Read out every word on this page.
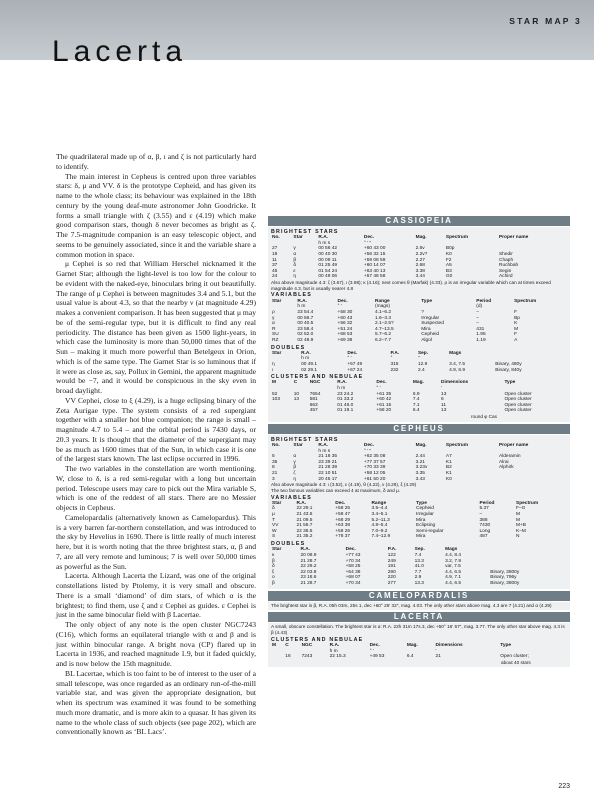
STAR MAP 3
Lacerta

The quadrilateral made up of α, β, ι and ζ is not particularly hard to identify.

The main interest in Cepheus is centred upon three variables stars: δ, μ and VV. δ is the prototype Cepheid, and has given its name to the whole class; its behaviour was explained in the 18th century by the young deaf-mute astronomer John Goodricke. It forms a small triangle with ζ (3.55) and ε (4.19) which make good comparison stars, though δ never becomes as bright as ζ. The 7.5-magnitude companion is an easy telescopic object, and seems to be genuinely associated, since it and the variable share a common motion in space.

μ Cephei is so red that William Herschel nicknamed it the Garnet Star; although the light-level is too low for the colour to be evident with the naked-eye, binoculars bring it out beautifully. The range of μ Cephei is between magnitudes 3.4 and 5.1, but the usual value is about 4.3, so that the nearby ν (at magnitude 4.29) makes a convenient comparison. It has been suggested that μ may be of the semi-regular type, but it is difficult to find any real periodicity. The distance has been given as 1500 light-years, in which case the luminosity is more than 50,000 times that of the Sun – making it much more powerful than Betelgeux in Orion, which is of the same type. The Garnet Star is so luminous that if it were as close as, say, Pollux in Gemini, the apparent magnitude would be −7, and it would be conspicuous in the sky even in broad daylight.

VV Cephei, close to ξ (4.29), is a huge eclipsing binary of the Zeta Aurigae type. The system consists of a red supergiant together with a smaller hot blue companion; the range is small – magnitude 4.7 to 5.4 – and the orbital period is 7430 days, or 20.3 years. It is thought that the diameter of the supergiant may be as much as 1600 times that of the Sun, in which case it is one of the largest stars known. The last eclipse occurred in 1996.

The two variables in the constellation are worth mentioning. W, close to δ, is a red semi-regular with a long but uncertain period. Telescope users may care to pick out the Mira variable S, which is one of the reddest of all stars. There are no Messier objects in Cepheus.

Camelopardalis (alternatively known as Camelopardus). This is a very barren far-northern constellation, and was introduced to the sky by Hevelius in 1690. There is little really of much interest here, but it is worth noting that the three brightest stars, α, β and 7, are all very remote and luminous; 7 is well over 50,000 times as powerful as the Sun.

Lacerta. Although Lacerta the Lizard, was one of the original constellations listed by Ptolemy, it is very small and obscure. There is a small ‘diamond’ of dim stars, of which α is the brightest; to find them, use ζ and ε Cephei as guides. ε Cephei is just in the same binocular field with β Lacertae.

The only object of any note is the open cluster NGC7243 (C16), which forms an equilateral triangle with α and β and is just within binocular range. A bright nova (CP) flared up in Lacerta in 1936, and reached magnitude 1.9, but it faded quickly, and is now below the 15th magnitude.

BL Lacertae, which is too faint to be of interest to the user of a small telescope, was once regarded as an ordinary run-of-the-mill variable star, and was given the appropriate designation, but when its spectrum was examined it was found to be something much more dramatic, and is more akin to a quasar. It has given its name to the whole class of such objects (see page 202), which are conventionally known as ‘BL Lacs’.

CASSIOPEIA
BRIGHTEST STARS
No.	Star	R.A.	Dec.	Mag.	Spectrum	Proper name
		h m s	° ′ ″			
27	γ	00 56 42	+60 43 00	2.5v	B0p	
18	α	00 40 30	+56 32 15	2.2v?	K0	Shedir
11	β	00 09 11	+59 08 59	2.27	F2	Chaph
37	δ	01 25 49	+60 14 07	2.68	A5	Ruchbah
45	ε	01 54 24	+63 40 13	3.38	B3	Segin
24	η	00 49 06	+57 48 58	3.44	G0	Achird
Also above magnitude 4.3: ζ (3.67), ι (3.98); κ (4.16); next comes θ (Marfak) (4.33). ρ is an irregular variable which can at times exceed magnitude 4.3, but is usually nearer 4.8
VARIABLES
Star	R.A.	Dec.	Range	Type	Period	Spectrum
	h m	° ′	(mags)		(d)	
ρ	23 54.4	+58 30	4.1–6.2	?	–	F
γ	00 56.7	+60 43	1.6–3.3	Irregular	–	Bp
α	00 40.5	+56 32	2.1–2.5?	Suspected	–	K
R	23 58.4	+51 24	4.7–13.5	Mira	431	M
SU	02 52.0	+68 53	5.7–6.2	Cepheid	1.95	F
RZ	02 48.9	+69 38	6.2–7.7	Algol	1.19	A
DOUBLES
Star	R.A.	Dec.	P.A.	Sep.	Mags	
	h m	° ′	°	″		
η	00 49.1	+57 49	315	12.9	3.4, 7.5	Binary, 480y
ι	02 29.1	+67 24	232	2.4	4.9, 6.9	Binary, 840y
CLUSTERS AND NEBULAE
M	C	NGC	R.A.	Dec.	Mag.	Dimensions	Type
			h m	° ′		′	
52	10	7654	23 24.2	+61 35	6.9	13	Open cluster
103	13	581	01 33.2	+60 42	7.4	6	Open cluster
		663	01 46.0	+61 15	7.1	11	Open cluster
		457	01 19.1	+58 20	6.4	13	Open cluster
round φ Cas
CEPHEUS
BRIGHTEST STARS
No.	Star	R.A.	Dec.	Mag.	Spectrum	Proper name
		h m s	° ′ ″			
5	α	21 18 35	+62 35 08	2.44	A7	Alderamin
35	γ	23 39 21	+77 37 57	3.21	K1	Alrai
8	β	21 28 39	+70 33 39	3.23v	B2	Alphirk
21	ζ	22 10 51	+58 12 05	3.35	K1	
3	η	20 45 17	+61 50 20	3.43	K0	
Also above magnitude 4.3: ι (3.52), ε (4.19), θ (4.22), ν (4.29), ξ (4.29)
The two famous variables can exceed 4 at maximum, δ and μ.
VARIABLES
Star	R.A.	Dec.	Range	Type	Period	Spectrum
δ	22 29.1	+58 25	3.5–4.4	Cepheid	5.37	F–G
μ	21 43.5	+58 47	3.4–5.1	Irregular	–	M
T	21 09.5	+68 29	5.2–11.3	Mira	388	M
VV	21 56.7	+63 38	4.8–5.4	Eclipsing	7430	M+B
W	22 36.5	+58 26	7.0–9.2	Semi-regular	Long	K–M
S	21 35.2	+78 37	7.4–12.9	Mira	487	N
DOUBLES
Star	R.A.	Dec.	P.A.	Sep.	Mags	
κ	20 08.9	+77 43	122	7.4	4.4, 8.4	
β	21 28.7	+70 34	249	13.3	3.2, 7.9	
δ	22 29.2	+58 25	191	41.0	var, 7.5	
ξ	22 03.8	+64 38	290	7.7	4.4, 6.5	Binary, 3800y
ο	23 18.6	+68 07	220	2.9	4.9, 7.1	Binary, 796y
β	21 28.7	+70 34	277	13.3	4.4, 6.5	Binary, 3800y
CAMELOPARDALIS
The brightest star is β, R.A. 05h 03m, 25s 1, dec +60° 26′ 32″, mag. 4.03. The only other stars above mag. 4.3 are 7 (4.21) and α (4.29)
LACERTA
A small, obscure constellation. The brightest star is α: R.A. 22h 31m 17s.3, dec +50° 16′ 57″, mag. 3.77. The only other star above mag. 4.3 is β (4.43)
CLUSTERS AND NEBULAE
M	C	NGC	R.A.	Dec.	Mag.	Dimensions	Type
			h m	° ′		′	
	16	7243	22 15.3	+49 53	6.4	21	Open cluster;
about 40 stars
223
